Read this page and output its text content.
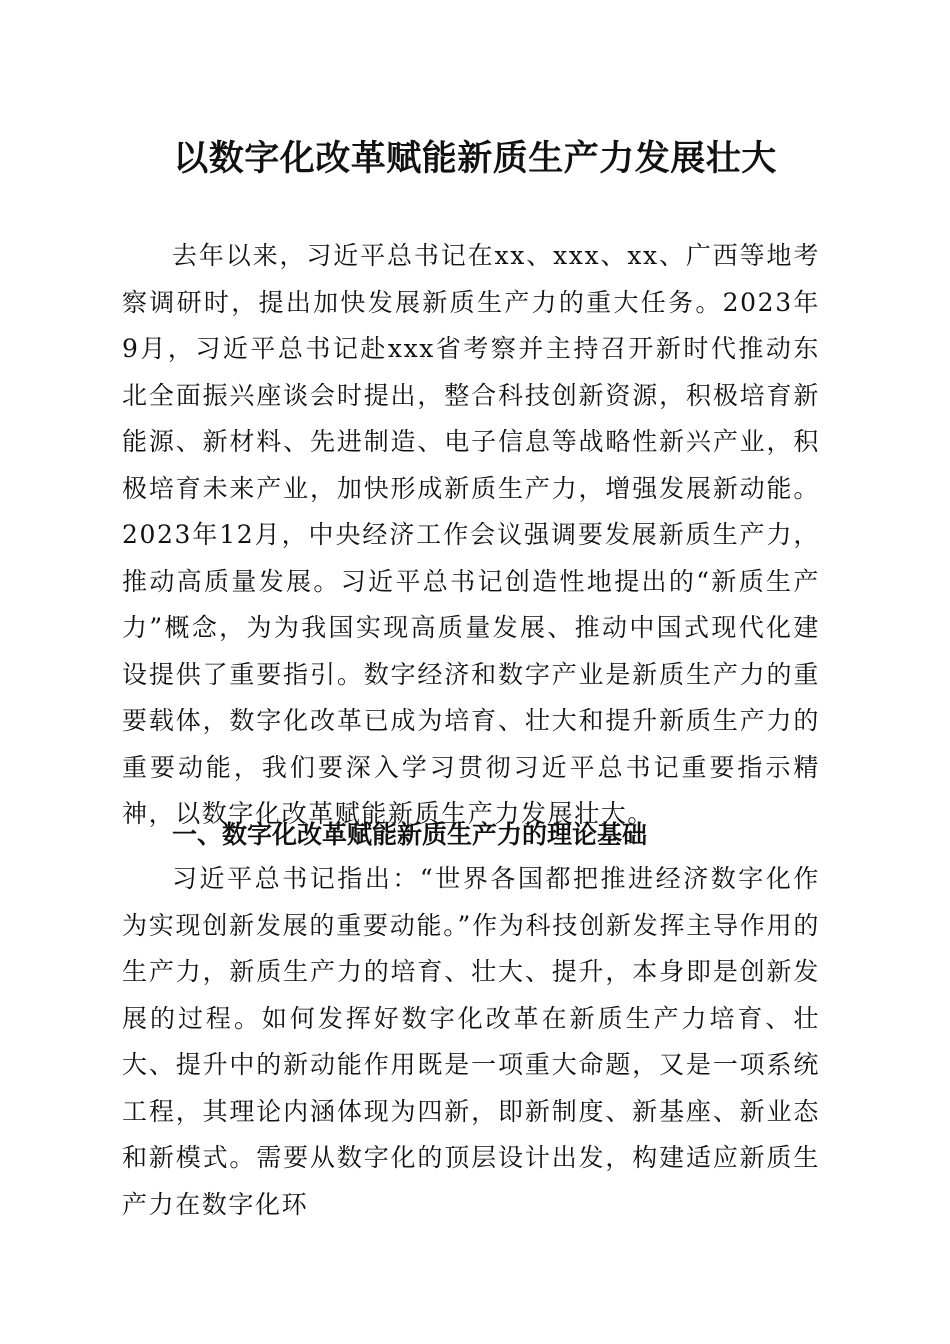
以数字化改革赋能新质生产力发展壮大

去年以来，习近平总书记在xx、xxx、xx、广西等地考察调研时，提出加快发展新质生产力的重大任务。2023年9月，习近平总书记赴xxx省考察并主持召开新时代推动东北全面振兴座谈会时提出，整合科技创新资源，积极培育新能源、新材料、先进制造、电子信息等战略性新兴产业，积极培育未来产业，加快形成新质生产力，增强发展新动能。2023年12月，中央经济工作会议强调要发展新质生产力，推动高质量发展。习近平总书记创造性地提出的“新质生产力”概念，为为我国实现高质量发展、推动中国式现代化建设提供了重要指引。数字经济和数字产业是新质生产力的重要载体，数字化改革已成为培育、壮大和提升新质生产力的重要动能，我们要深入学习贯彻习近平总书记重要指示精神，以数字化改革赋能新质生产力发展壮大。

一、数字化改革赋能新质生产力的理论基础

习近平总书记指出：“世界各国都把推进经济数字化作为实现创新发展的重要动能。”作为科技创新发挥主导作用的生产力，新质生产力的培育、壮大、提升，本身即是创新发展的过程。如何发挥好数字化改革在新质生产力培育、壮大、提升中的新动能作用既是一项重大命题，又是一项系统工程，其理论内涵体现为四新，即新制度、新基座、新业态和新模式。需要从数字化的顶层设计出发，构建适应新质生产力在数字化环
